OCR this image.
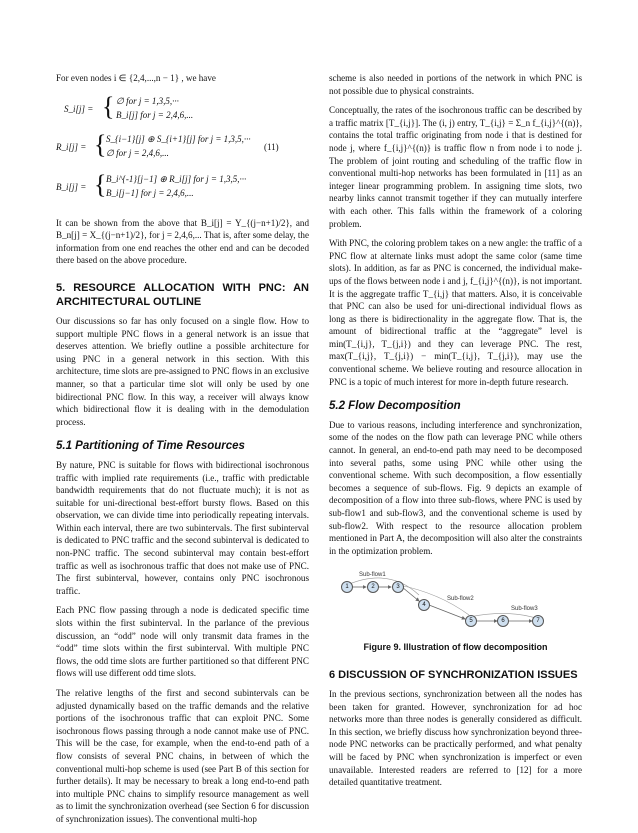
For even nodes i ∈ {2,4,...,n − 1} , we have

S_i[j] = { ∅ for j = 1,3,5,···
B_i[j] for j = 2,4,6,...
R_i[j] = { S_{i−1}[j] ⊕ S_{i+1}[j] for j = 1,3,5,···
∅ for j = 2,4,6,...
(11)
B_i[j] = { B_i^{-1}[j−1] ⊕ R_i[j] for j = 1,3,5,···
B_i[j−1] for j = 2,4,6,...

It can be shown from the above that B_i[j] = Y_{(j−n+1)/2}, and B_n[j] = X_{(j−n+1)/2}, for j = 2,4,6,... That is, after some delay, the information from one end reaches the other end and can be decoded there based on the above procedure.

5. RESOURCE ALLOCATION WITH PNC: AN ARCHITECTURAL OUTLINE

Our discussions so far has only focused on a single flow. How to support multiple PNC flows in a general network is an issue that deserves attention. We briefly outline a possible architecture for using PNC in a general network in this section. With this architecture, time slots are pre-assigned to PNC flows in an exclusive manner, so that a particular time slot will only be used by one bidirectional PNC flow. In this way, a receiver will always know which bidirectional flow it is dealing with in the demodulation process.

5.1 Partitioning of Time Resources

By nature, PNC is suitable for flows with bidirectional isochronous traffic with implied rate requirements (i.e., traffic with predictable bandwidth requirements that do not fluctuate much); it is not as suitable for uni-directional best-effort bursty flows. Based on this observation, we can divide time into periodically repeating intervals. Within each interval, there are two subintervals. The first subinterval is dedicated to PNC traffic and the second subinterval is dedicated to non-PNC traffic. The second subinterval may contain best-effort traffic as well as isochronous traffic that does not make use of PNC. The first subinterval, however, contains only PNC isochronous traffic.

Each PNC flow passing through a node is dedicated specific time slots within the first subinterval. In the parlance of the previous discussion, an “odd” node will only transmit data frames in the “odd” time slots within the first subinterval. With multiple PNC flows, the odd time slots are further partitioned so that different PNC flows will use different odd time slots.

The relative lengths of the first and second subintervals can be adjusted dynamically based on the traffic demands and the relative portions of the isochronous traffic that can exploit PNC. Some isochronous flows passing through a node cannot make use of PNC. This will be the case, for example, when the end-to-end path of a flow consists of several PNC chains, in between of which the conventional multi-hop scheme is used (see Part B of this section for further details). It may be necessary to break a long end-to-end path into multiple PNC chains to simplify resource management as well as to limit the synchronization overhead (see Section 6 for discussion of synchronization issues). The conventional multi-hop

scheme is also needed in portions of the network in which PNC is not possible due to physical constraints.

Conceptually, the rates of the isochronous traffic can be described by a traffic matrix [T_{i,j}]. The (i, j) entry, T_{i,j} = Σ_n f_{i,j}^{(n)}, contains the total traffic originating from node i that is destined for node j, where f_{i,j}^{(n)} is traffic flow n from node i to node j. The problem of joint routing and scheduling of the traffic flow in conventional multi-hop networks has been formulated in [11] as an integer linear programming problem. In assigning time slots, two nearby links cannot transmit together if they can mutually interfere with each other. This falls within the framework of a coloring problem.

With PNC, the coloring problem takes on a new angle: the traffic of a PNC flow at alternate links must adopt the same color (same time slots). In addition, as far as PNC is concerned, the individual make-ups of the flows between node i and j, f_{i,j}^{(n)}, is not important. It is the aggregate traffic T_{i,j} that matters. Also, it is conceivable that PNC can also be used for uni-directional individual flows as long as there is bidirectionality in the aggregate flow. That is, the amount of bidirectional traffic at the “aggregate” level is min(T_{i,j}, T_{j,i}) and they can leverage PNC. The rest, max(T_{i,j}, T_{j,i}) − min(T_{i,j}, T_{j,i}), may use the conventional scheme. We believe routing and resource allocation in PNC is a topic of much interest for more in-depth future research.

5.2 Flow Decomposition

Due to various reasons, including interference and synchronization, some of the nodes on the flow path can leverage PNC while others cannot. In general, an end-to-end path may need to be decomposed into several paths, some using PNC while other using the conventional scheme. With such decomposition, a flow essentially becomes a sequence of sub-flows. Fig. 9 depicts an example of decomposition of a flow into three sub-flows, where PNC is used by sub-flow1 and sub-flow3, and the conventional scheme is used by sub-flow2. With respect to the resource allocation problem mentioned in Part A, the decomposition will also alter the constraints in the optimization problem.

Sub-flow1
Sub-flow2
Sub-flow3
1	2	3
4
5	6	7
Figure 9. Illustration of flow decomposition
6 DISCUSSION OF SYNCHRONIZATION ISSUES

In the previous sections, synchronization between all the nodes has been taken for granted. However, synchronization for ad hoc networks more than three nodes is generally considered as difficult. In this section, we briefly discuss how synchronization beyond three-node PNC networks can be practically performed, and what penalty will be faced by PNC when synchronization is imperfect or even unavailable. Interested readers are referred to [12] for a more detailed quantitative treatment.
